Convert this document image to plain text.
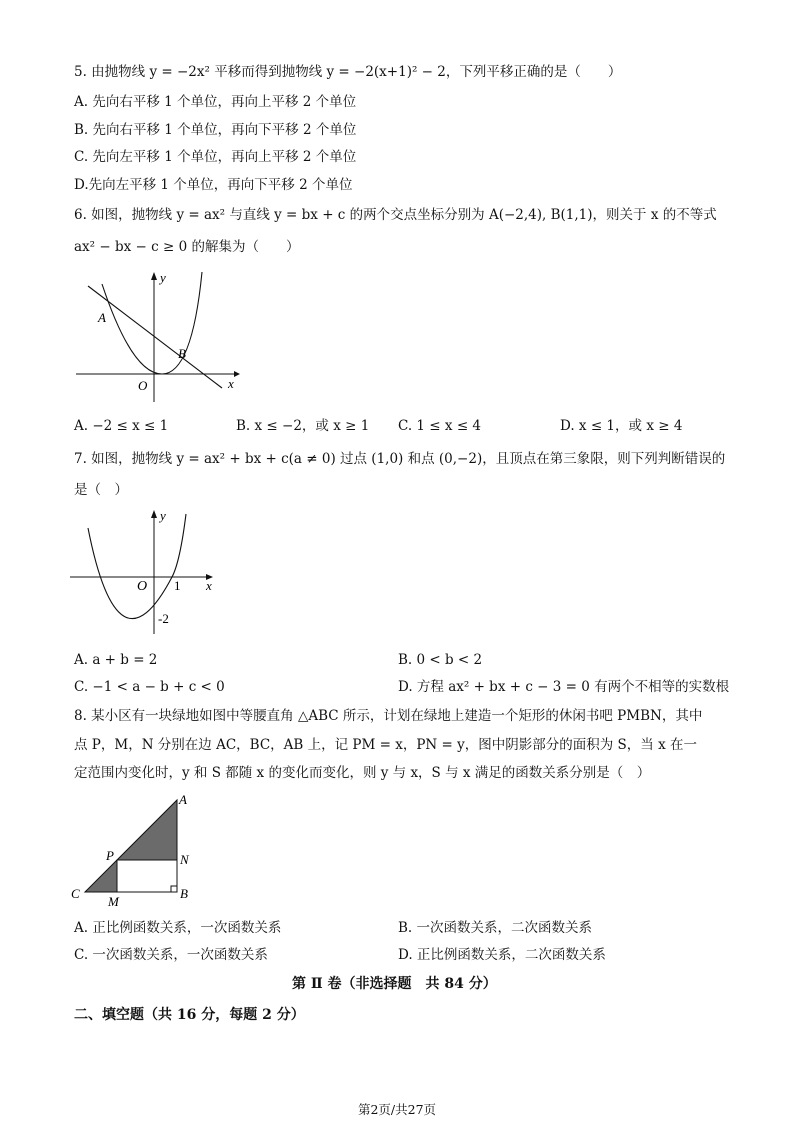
5. 由抛物线 y = −2x² 平移而得到抛物线 y = −2(x+1)² − 2，下列平移正确的是（　　）
A. 先向右平移 1 个单位，再向上平移 2 个单位
B. 先向右平移 1 个单位，再向下平移 2 个单位
C. 先向左平移 1 个单位，再向上平移 2 个单位
D.先向左平移 1 个单位，再向下平移 2 个单位
6. 如图，抛物线 y = ax² 与直线 y = bx + c 的两个交点坐标分别为 A(−2,4), B(1,1)，则关于 x 的不等式
ax² − bx − c ≥ 0 的解集为（　　）
y
x
O
A
B
A. −2 ≤ x ≤ 1	B. x ≤ −2，或 x ≥ 1 C. 1 ≤ x ≤ 4	D. x ≤ 1，或 x ≥ 4
7. 如图，抛物线 y = ax² + bx + c(a ≠ 0) 过点 (1,0) 和点 (0,−2)，且顶点在第三象限，则下列判断错误的
是（　）
y
x
O 1
-2
A. a + b = 2	B. 0 < b < 2
C. −1 < a − b + c < 0	D. 方程 ax² + bx + c − 3 = 0 有两个不相等的实数根
8. 某小区有一块绿地如图中等腰直角 △ABC 所示，计划在绿地上建造一个矩形的休闲书吧 PMBN，其中
点 P，M，N 分别在边 AC，BC，AB 上，记 PM = x，PN = y，图中阴影部分的面积为 S，当 x 在一
定范围内变化时，y 和 S 都随 x 的变化而变化，则 y 与 x，S 与 x 满足的函数关系分别是（　）
A
N
B
C
P
M
A. 正比例函数关系，一次函数关系	B. 一次函数关系，二次函数关系
C. 一次函数关系，一次函数关系	D. 正比例函数关系，二次函数关系
第 Ⅱ 卷（非选择题　共 84 分）
二、填空题（共 16 分，每题 2 分）
第2页/共27页
